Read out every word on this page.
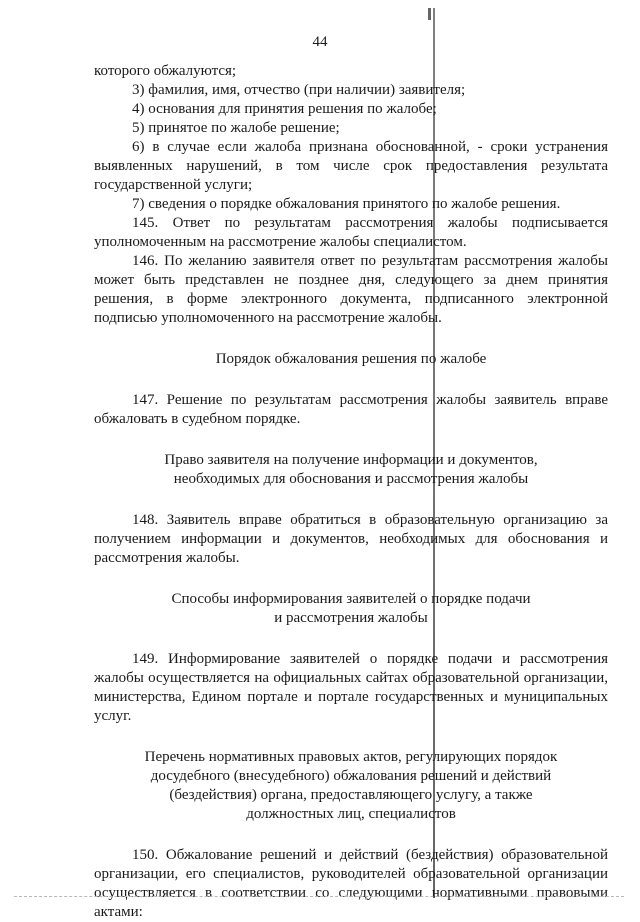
44

которого обжалуются;

3) фамилия, имя, отчество (при наличии) заявителя;

4) основания для принятия решения по жалобе;

5) принятое по жалобе решение;

6) в случае если жалоба признана обоснованной, - сроки устранения выявленных нарушений, в том числе срок предоставления результата государственной услуги;

7) сведения о порядке обжалования принятого по жалобе решения.

145. Ответ по результатам рассмотрения жалобы подписывается уполномоченным на рассмотрение жалобы специалистом.

146. По желанию заявителя ответ по результатам рассмотрения жалобы может быть представлен не позднее дня, следующего за днем принятия решения, в форме электронного документа, подписанного электронной подписью уполномоченного на рассмотрение жалобы.

Порядок обжалования решения по жалобе

147. Решение по результатам рассмотрения жалобы заявитель вправе обжаловать в судебном порядке.

Право заявителя на получение информации и документов,
необходимых для обоснования и рассмотрения жалобы

148. Заявитель вправе обратиться в образовательную организацию за получением информации и документов, необходимых для обоснования и рассмотрения жалобы.

Способы информирования заявителей о порядке подачи
и рассмотрения жалобы

149. Информирование заявителей о порядке подачи и рассмотрения жалобы осуществляется на официальных сайтах образовательной организации, министерства, Едином портале и портале государственных и муниципальных услуг.

Перечень нормативных правовых актов, регулирующих порядок
досудебного (внесудебного) обжалования решений и действий
(бездействия) органа, предоставляющего услугу, а также
должностных лиц, специалистов

150. Обжалование решений и действий (бездействия) образовательной организации, его специалистов, руководителей образовательной организации осуществляется в соответствии со следующими нормативными правовыми актами:
